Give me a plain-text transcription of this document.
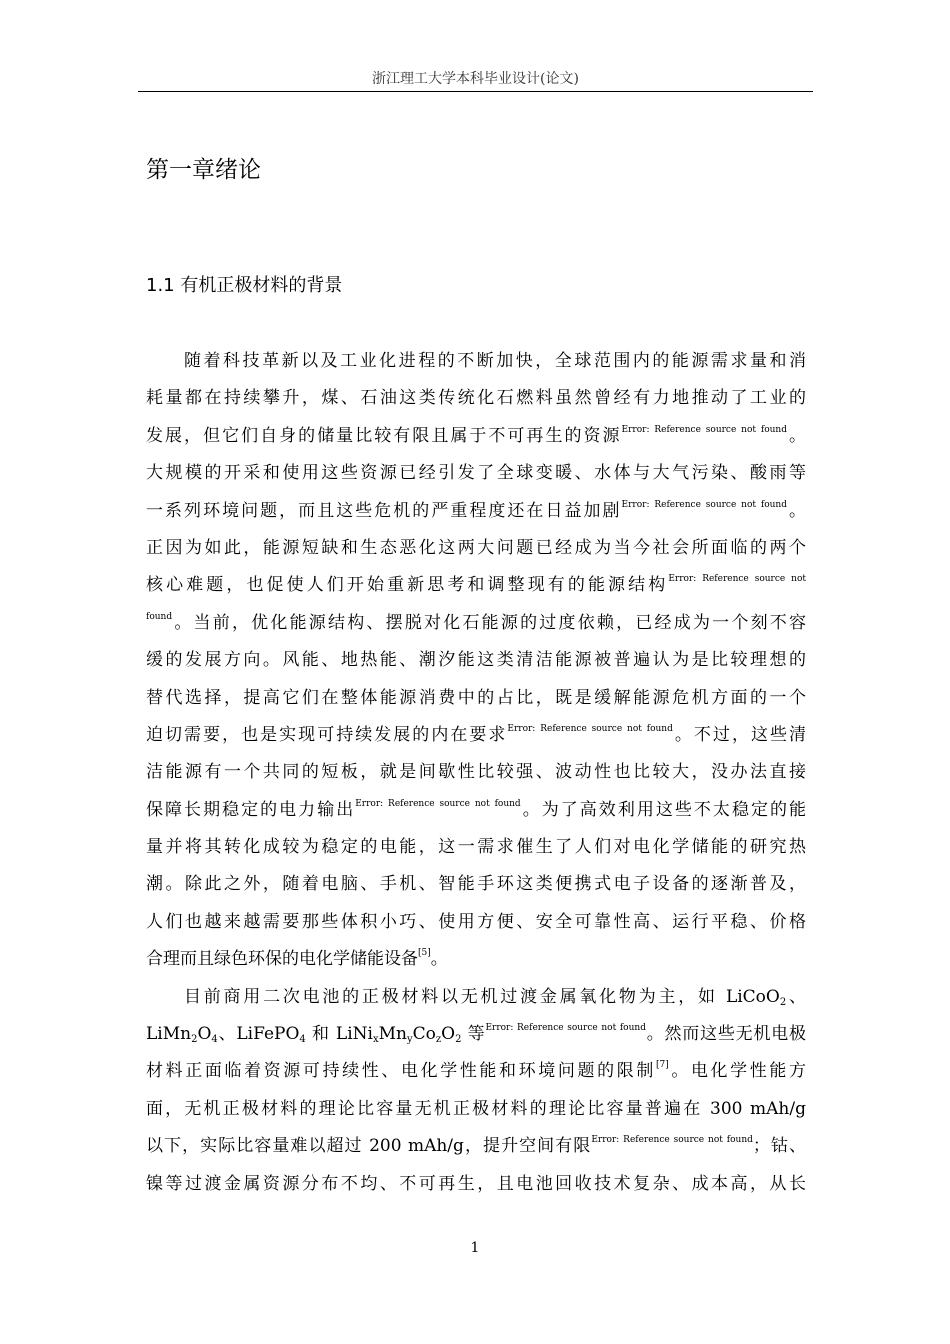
浙江理工大学本科毕业设计(论文)
第一章绪论
1.1 有机正极材料的背景
随着科技革新以及工业化进程的不断加快，全球范围内的能源需求量和消
耗量都在持续攀升，煤、石油这类传统化石燃料虽然曾经有力地推动了工业的
发展，但它们自身的储量比较有限且属于不可再生的资源$^{Error: Reference source not found}$。
大规模的开采和使用这些资源已经引发了全球变暖、水体与大气污染、酸雨等
一系列环境问题，而且这些危机的严重程度还在日益加剧$^{Error: Reference source not found}$。
正因为如此，能源短缺和生态恶化这两大问题已经成为当今社会所面临的两个
核心难题，也促使人们开始重新思考和调整现有的能源结构$^{Error: Reference source not}$
$^{found}$。当前，优化能源结构、摆脱对化石能源的过度依赖，已经成为一个刻不容
缓的发展方向。风能、地热能、潮汐能这类清洁能源被普遍认为是比较理想的
替代选择，提高它们在整体能源消费中的占比，既是缓解能源危机方面的一个
迫切需要，也是实现可持续发展的内在要求$^{Error: Reference source not found}$。不过，这些清
洁能源有一个共同的短板，就是间歇性比较强、波动性也比较大，没办法直接
保障长期稳定的电力输出$^{Error: Reference source not found}$。为了高效利用这些不太稳定的能
量并将其转化成较为稳定的电能，这一需求催生了人们对电化学储能的研究热
潮。除此之外，随着电脑、手机、智能手环这类便携式电子设备的逐渐普及，
人们也越来越需要那些体积小巧、使用方便、安全可靠性高、运行平稳、价格
合理而且绿色环保的电化学储能设备[5]。
目前商用二次电池的正极材料以无机过渡金属氧化物为主，如 LiCoO$_2$、
$LiMn_2O_4$、LiFePO$_4$ 和 $LiNi_xMn_yCo_zO_2$ 等$^{Error: Reference source not found}$。然而这些无机电极
材料正面临着资源可持续性、电化学性能和环境问题的限制[7]。电化学性能方
面，无机正极材料的理论比容量无机正极材料的理论比容量普遍在 300 mAh/g
以下，实际比容量难以超过 200 mAh/g，提升空间有限$^{Error: Reference source not found}$；钴、
镍等过渡金属资源分布不均、不可再生，且电池回收技术复杂、成本高，从长
1
